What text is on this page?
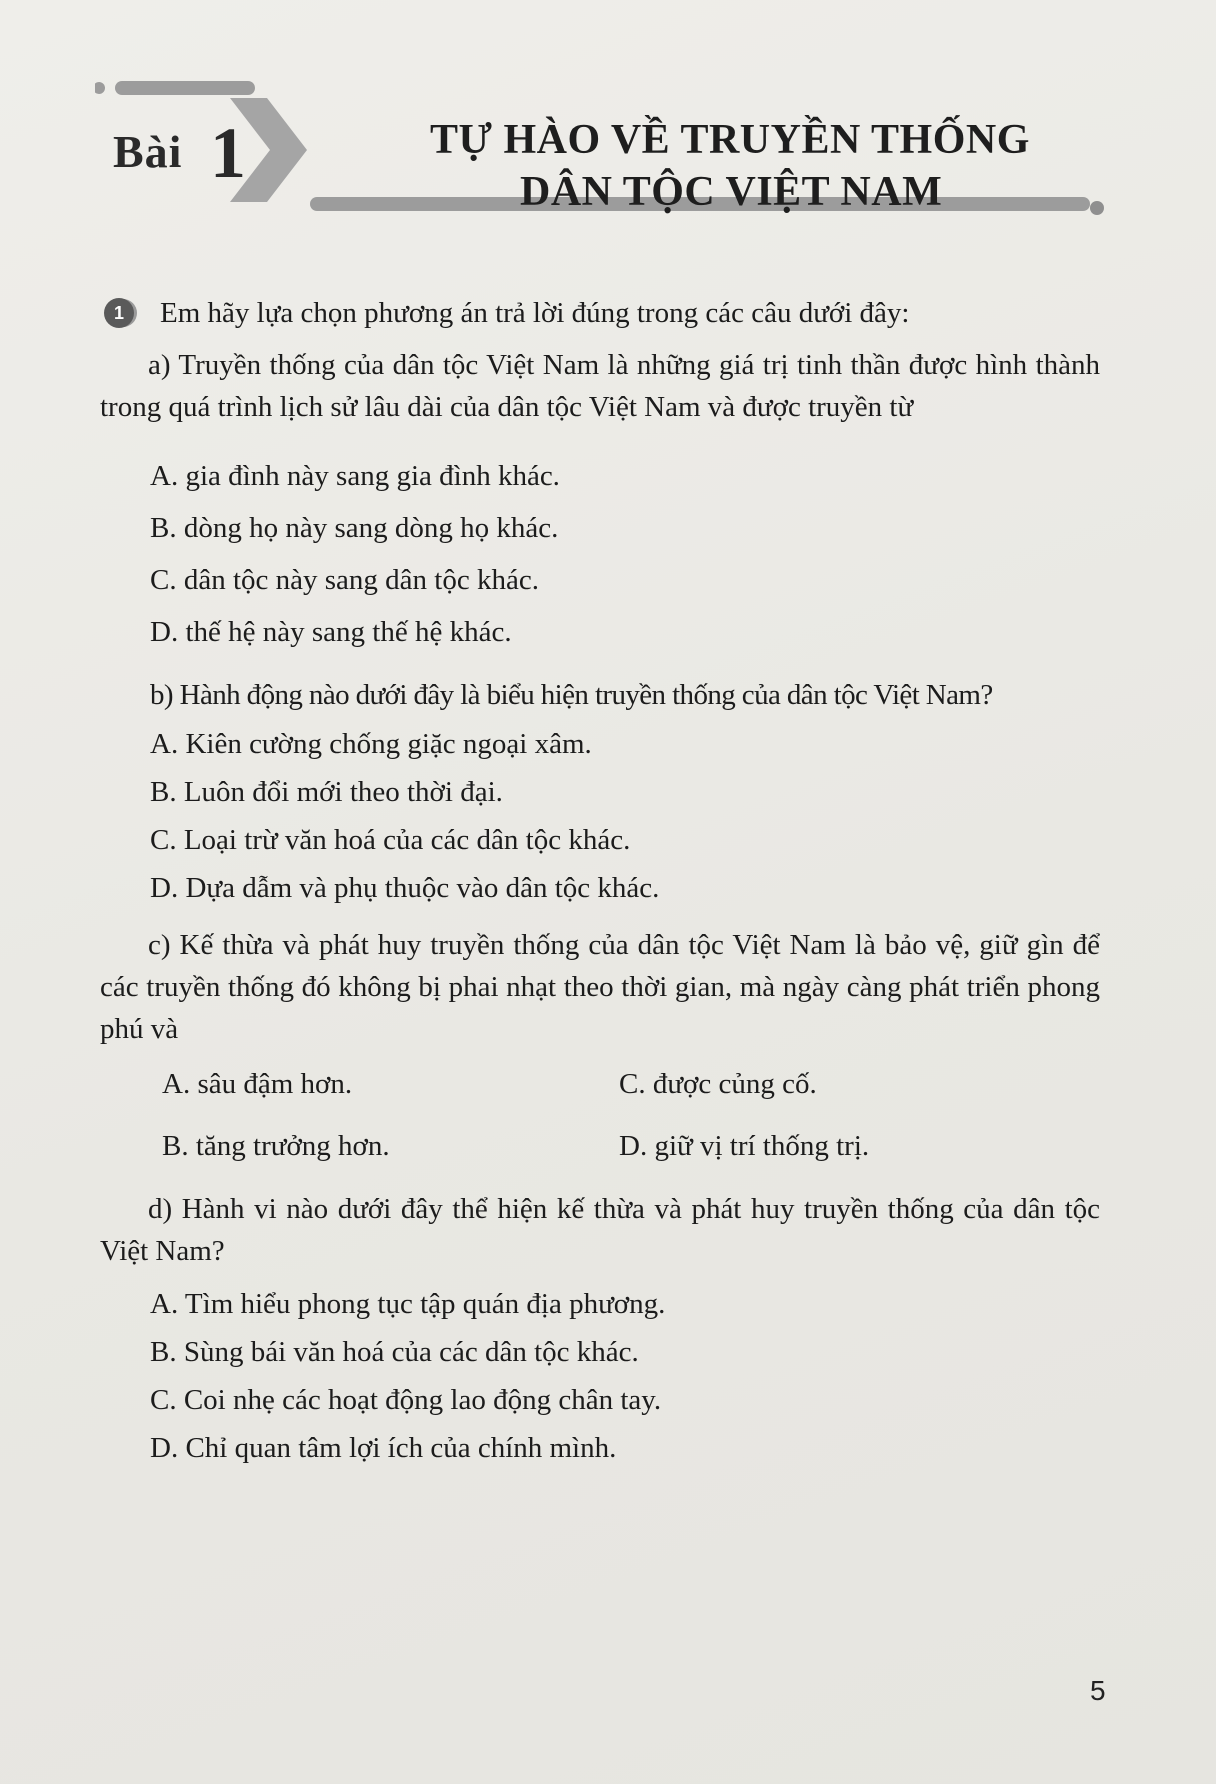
Bài 1	TỰ HÀO VỀ TRUYỀN THỐNG
DÂN TỘC VIỆT NAM
1	Em hãy lựa chọn phương án trả lời đúng trong các câu dưới đây:
a) Truyền thống của dân tộc Việt Nam là những giá trị tinh thần được hình thành trong quá trình lịch sử lâu dài của dân tộc Việt Nam và được truyền từ
A. gia đình này sang gia đình khác.
B. dòng họ này sang dòng họ khác.
C. dân tộc này sang dân tộc khác.
D. thế hệ này sang thế hệ khác.
b) Hành động nào dưới đây là biểu hiện truyền thống của dân tộc Việt Nam?
A. Kiên cường chống giặc ngoại xâm.
B. Luôn đổi mới theo thời đại.
C. Loại trừ văn hoá của các dân tộc khác.
D. Dựa dẫm và phụ thuộc vào dân tộc khác.
c) Kế thừa và phát huy truyền thống của dân tộc Việt Nam là bảo vệ, giữ gìn để các truyền thống đó không bị phai nhạt theo thời gian, mà ngày càng phát triển phong phú và
A. sâu đậm hơn.	C. được củng cố.
B. tăng trưởng hơn.	D. giữ vị trí thống trị.
d) Hành vi nào dưới đây thể hiện kế thừa và phát huy truyền thống của dân tộc Việt Nam?
A. Tìm hiểu phong tục tập quán địa phương.
B. Sùng bái văn hoá của các dân tộc khác.
C. Coi nhẹ các hoạt động lao động chân tay.
D. Chỉ quan tâm lợi ích của chính mình.
5
